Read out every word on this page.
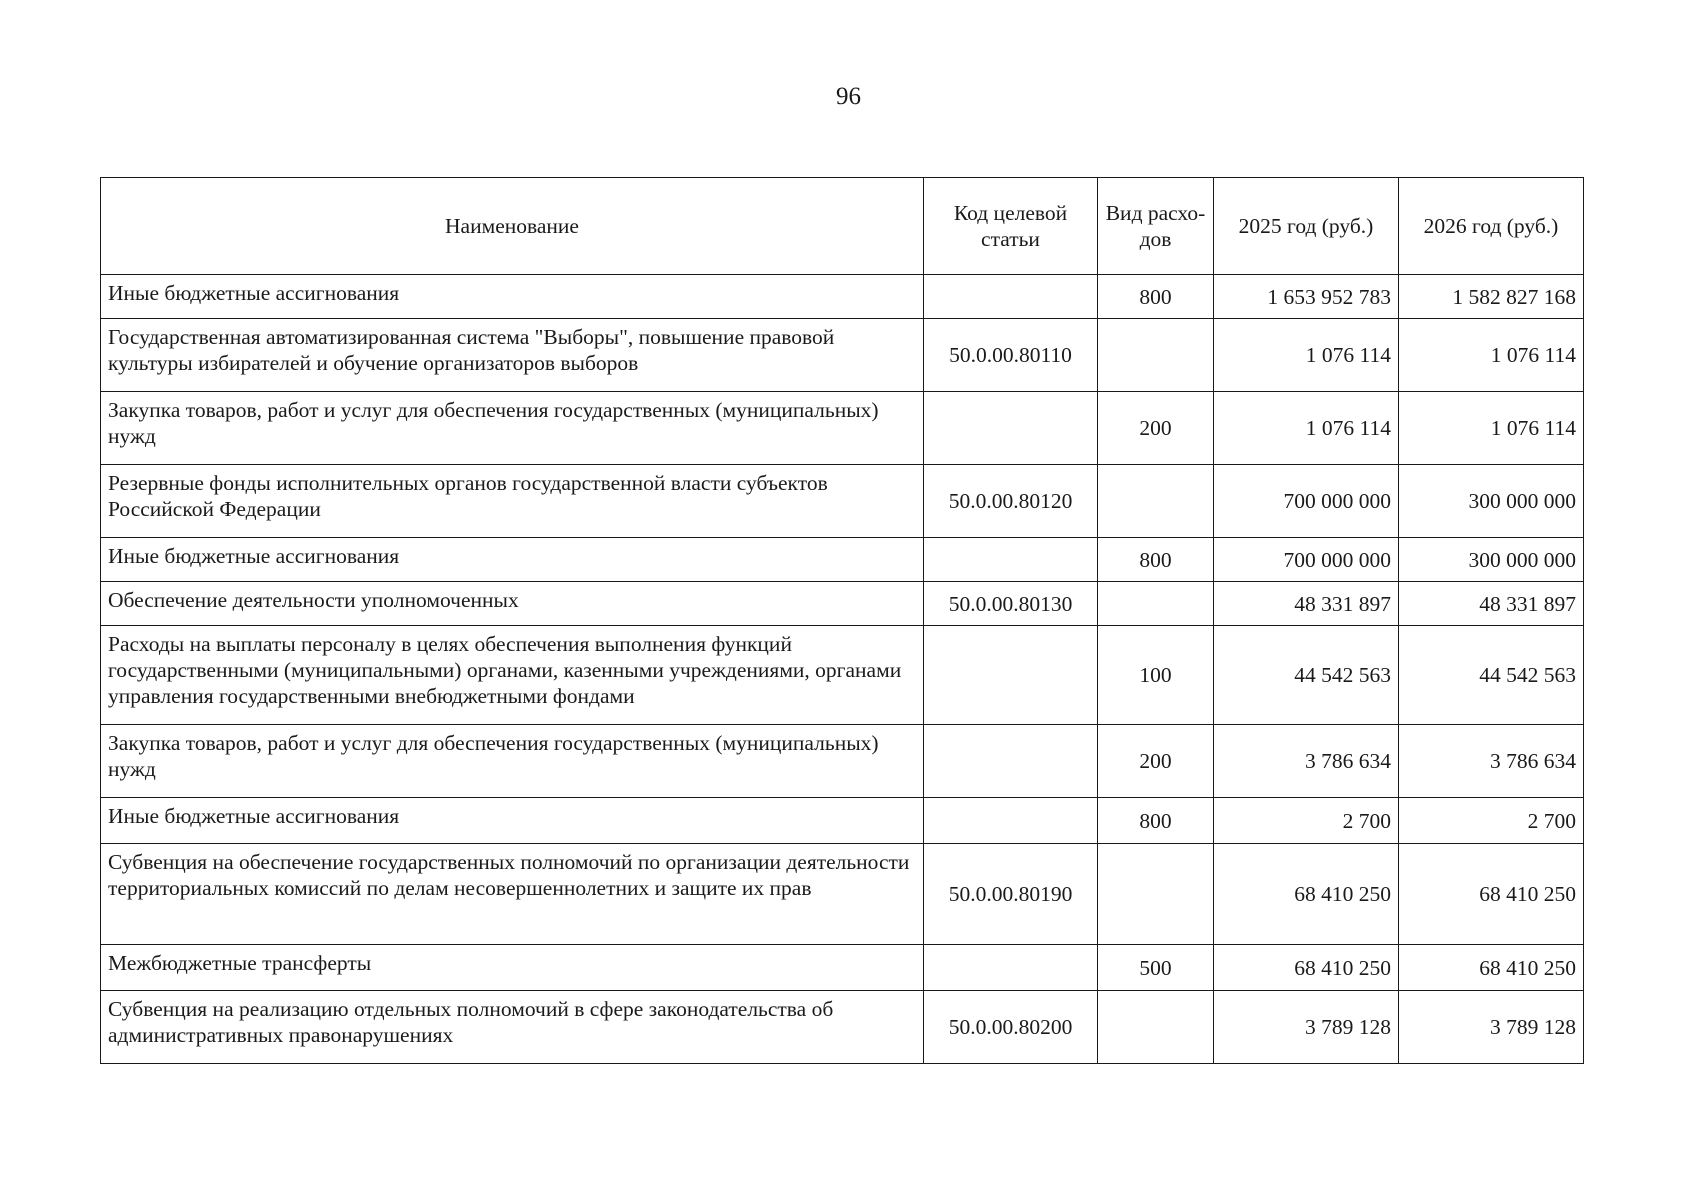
96
Наименование	Код целевой статьи	Вид расхо-дов	2025 год (руб.)	2026 год (руб.)
Иные бюджетные ассигнования		800	1 653 952 783	1 582 827 168
Государственная автоматизированная система "Выборы", повышение правовой культуры избирателей и обучение организаторов выборов	50.0.00.80110		1 076 114	1 076 114
Закупка товаров, работ и услуг для обеспечения государственных (муниципальных) нужд		200	1 076 114	1 076 114
Резервные фонды исполнительных органов государственной власти субъектов Российской Федерации	50.0.00.80120		700 000 000	300 000 000
Иные бюджетные ассигнования		800	700 000 000	300 000 000
Обеспечение деятельности уполномоченных	50.0.00.80130		48 331 897	48 331 897
Расходы на выплаты персоналу в целях обеспечения выполнения функций государственными (муниципальными) органами, казенными учреждениями, органами управления государственными внебюджетными фондами		100	44 542 563	44 542 563
Закупка товаров, работ и услуг для обеспечения государственных (муниципальных) нужд		200	3 786 634	3 786 634
Иные бюджетные ассигнования		800	2 700	2 700
Субвенция на обеспечение государственных полномочий по организации деятельности территориальных комиссий по делам несовершеннолетних и защите их прав	50.0.00.80190		68 410 250	68 410 250
Межбюджетные трансферты		500	68 410 250	68 410 250
Субвенция на реализацию отдельных полномочий в сфере законодательства об административных правонарушениях	50.0.00.80200		3 789 128	3 789 128
